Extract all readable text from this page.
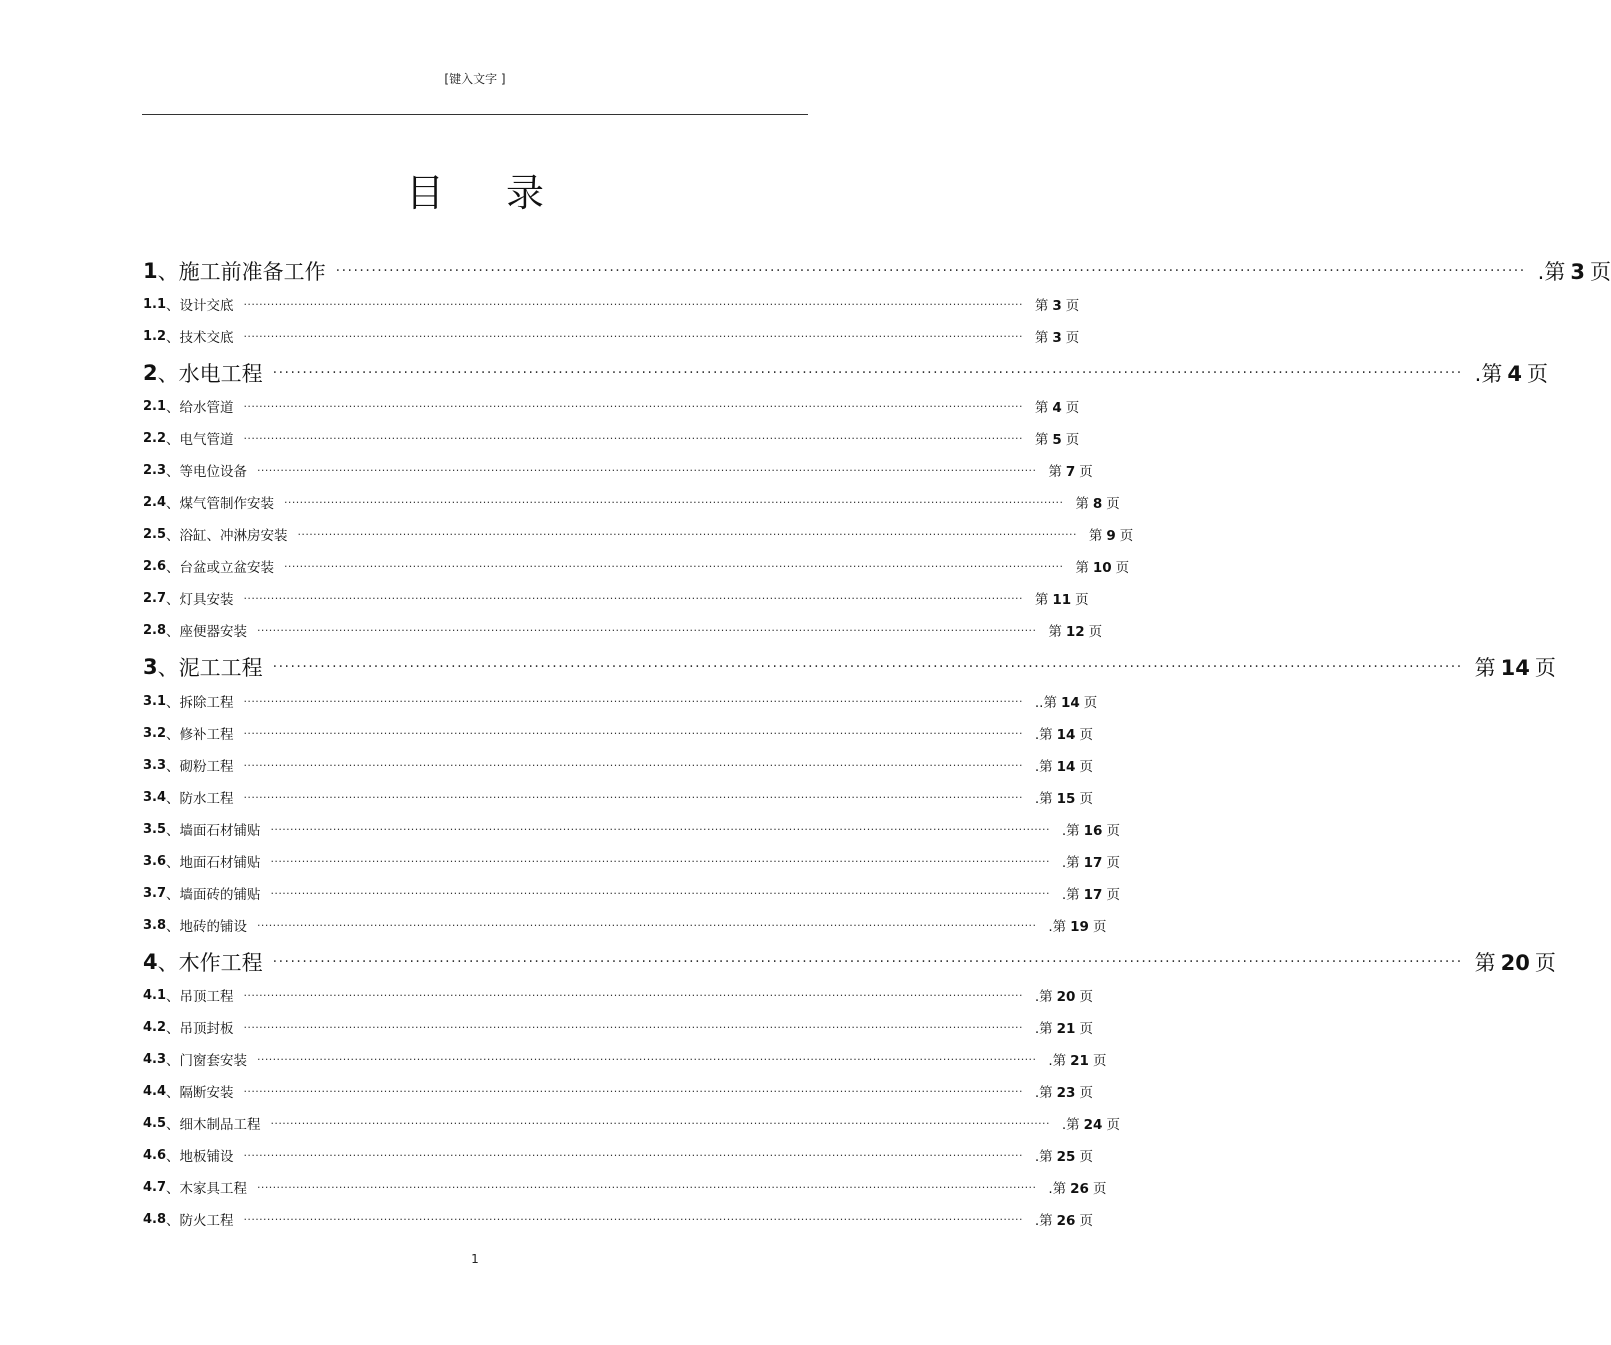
[键入文字 ]
目录
1 、 施工前准备工作 ········································································································································································································ .第 3 页
1.1 、 设计交底 ········································································································································································································ 第 3 页
1.2 、 技术交底 ········································································································································································································ 第 3 页
2 、 水电工程 ········································································································································································································ .第 4 页
2.1 、 给水管道 ········································································································································································································ 第 4 页
2.2 、 电气管道 ········································································································································································································ 第 5 页
2.3 、 等电位设备 ········································································································································································································ 第 7 页
2.4 、 煤气管制作安装 ········································································································································································································ 第 8 页
2.5 、 浴缸、冲淋房安装 ········································································································································································································ 第 9 页
2.6 、 台盆或立盆安装 ········································································································································································································ 第 10 页
2.7 、 灯具安装 ········································································································································································································ 第 11 页
2.8 、 座便器安装 ········································································································································································································ 第 12 页
3 、 泥工工程 ········································································································································································································ 第 14 页
3.1 、 拆除工程 ········································································································································································································ ..第 14 页
3.2 、 修补工程 ········································································································································································································ .第 14 页
3.3 、 砌粉工程 ········································································································································································································ .第 14 页
3.4 、 防水工程 ········································································································································································································ .第 15 页
3.5 、 墙面石材铺贴 ········································································································································································································ .第 16 页
3.6 、 地面石材铺贴 ········································································································································································································ .第 17 页
3.7 、 墙面砖的铺贴 ········································································································································································································ .第 17 页
3.8 、 地砖的铺设 ········································································································································································································ .第 19 页
4 、 木作工程 ········································································································································································································ 第 20 页
4.1 、 吊顶工程 ········································································································································································································ .第 20 页
4.2 、 吊顶封板 ········································································································································································································ .第 21 页
4.3 、 门窗套安装 ········································································································································································································ .第 21 页
4.4 、 隔断安装 ········································································································································································································ .第 23 页
4.5 、 细木制品工程 ········································································································································································································ .第 24 页
4.6 、 地板铺设 ········································································································································································································ .第 25 页
4.7 、 木家具工程 ········································································································································································································ .第 26 页
4.8 、 防火工程 ········································································································································································································ .第 26 页
1
